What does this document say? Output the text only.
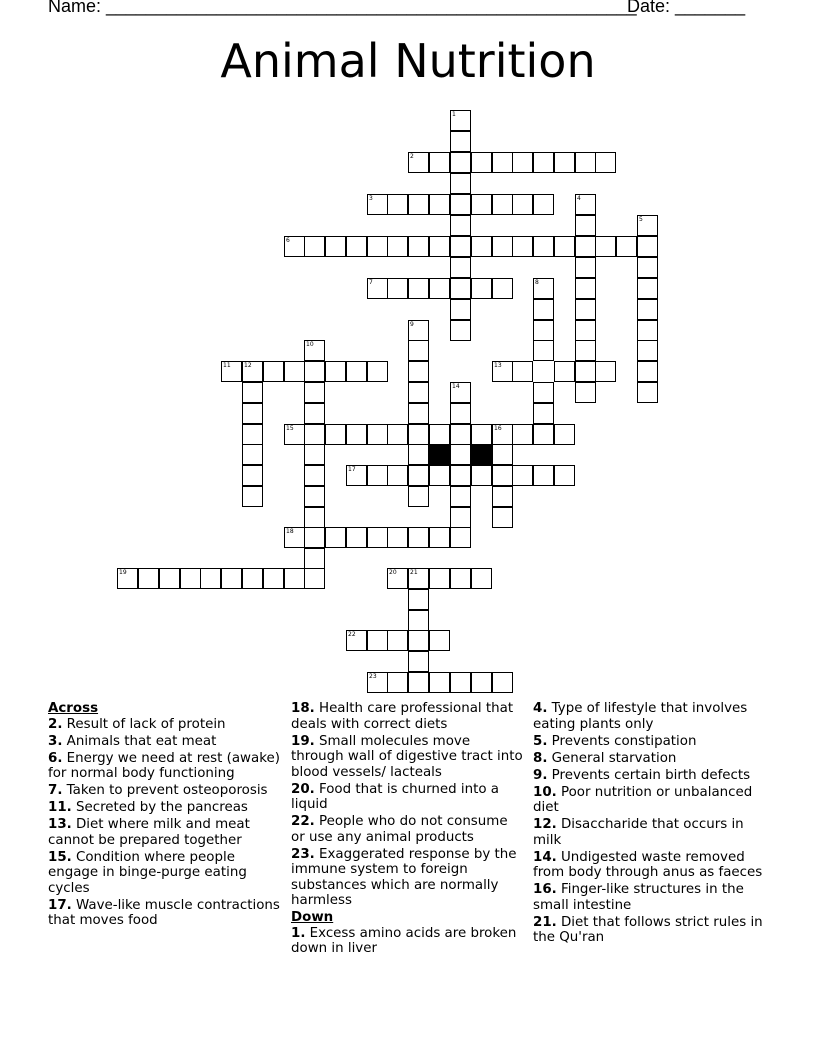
Name: _____________________________________________________
Date: _______
Animal Nutrition
1
2
3	4
5
6
7	8
9
10
11 12	13
14
15	16
17
18
19	20 21
22
23
Across
2. Result of lack of protein
3. Animals that eat meat
6. Energy we need at rest (awake) for normal body functioning
7. Taken to prevent osteoporosis
11. Secreted by the pancreas
13. Diet where milk and meat cannot be prepared together
15. Condition where people engage in binge-purge eating cycles
17. Wave-like muscle contractions that moves food
18. Health care professional that deals with correct diets
19. Small molecules move through wall of digestive tract into blood vessels/ lacteals
20. Food that is churned into a liquid
22. People who do not consume or use any animal products
23. Exaggerated response by the immune system to foreign substances which are normally harmless
Down
1. Excess amino acids are broken down in liver
4. Type of lifestyle that involves eating plants only
5. Prevents constipation
8. General starvation
9. Prevents certain birth defects
10. Poor nutrition or unbalanced diet
12. Disaccharide that occurs in milk
14. Undigested waste removed from body through anus as faeces
16. Finger-like structures in the small intestine
21. Diet that follows strict rules in the Qu'ran
